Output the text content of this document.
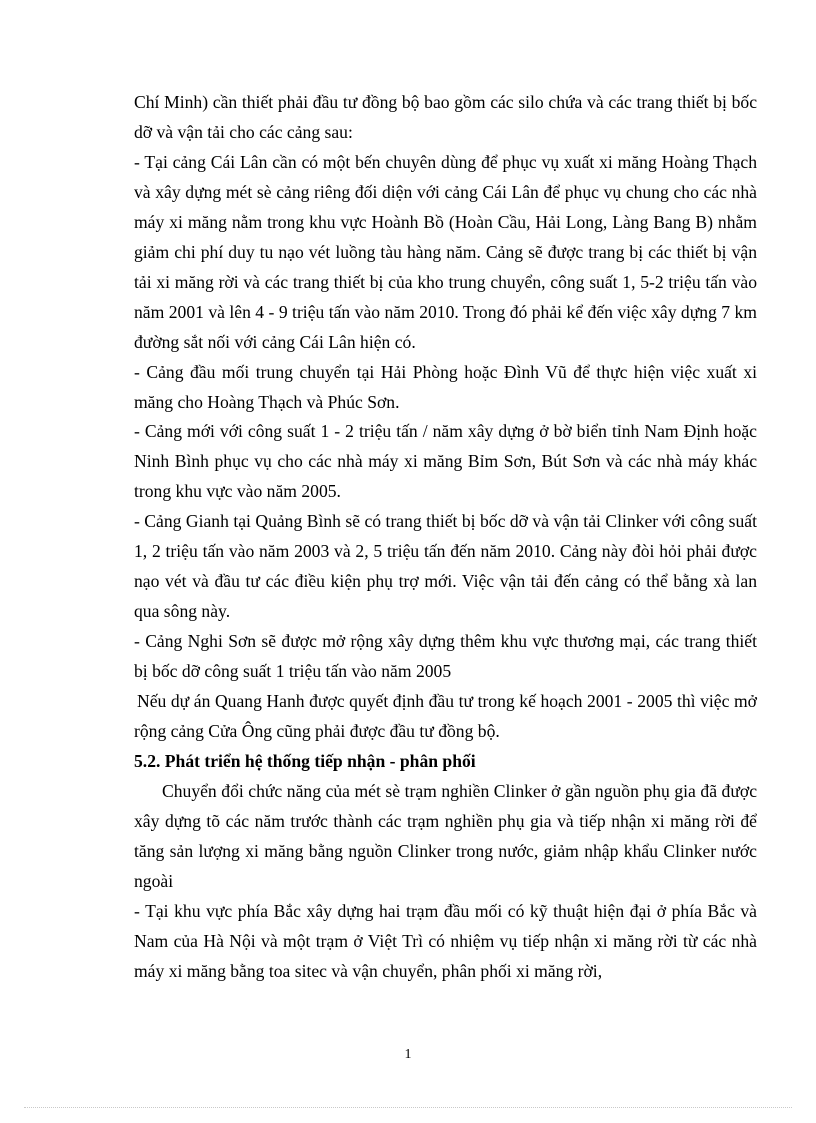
Chí Minh) cần thiết phải đầu tư đồng bộ bao gồm các silo chứa và các trang thiết bị bốc dỡ và vận tải cho các cảng sau:

- Tại cảng Cái Lân cần có một bến chuyên dùng để phục vụ xuất xi măng Hoàng Thạch và xây dựng mét sè cảng riêng đối diện với cảng Cái Lân để phục vụ chung cho các nhà máy xi măng nằm trong khu vực Hoành Bồ (Hoàn Cầu, Hải Long, Làng Bang B) nhằm giảm chi phí duy tu nạo vét luồng tàu hàng năm. Cảng sẽ được trang bị các thiết bị vận tải xi măng rời và các trang thiết bị của kho trung chuyển, công suất 1, 5-2 triệu tấn vào năm 2001 và lên 4 - 9 triệu tấn vào năm 2010. Trong đó phải kể đến việc xây dựng 7 km đường sắt nối với cảng Cái Lân hiện có.

- Cảng đầu mối trung chuyển tại Hải Phòng hoặc Đình Vũ để thực hiện việc xuất xi măng cho Hoàng Thạch và Phúc Sơn.

- Cảng mới với công suất 1 - 2 triệu tấn / năm xây dựng ở bờ biển tỉnh Nam Định hoặc Ninh Bình phục vụ cho các nhà máy xi măng Bỉm Sơn, Bút Sơn và các nhà máy khác trong khu vực vào năm 2005.

- Cảng Gianh tại Quảng Bình sẽ có trang thiết bị bốc dỡ và vận tải Clinker với công suất 1, 2 triệu tấn vào năm 2003 và 2, 5 triệu tấn đến năm 2010. Cảng này đòi hỏi phải được nạo vét và đầu tư các điều kiện phụ trợ mới. Việc vận tải đến cảng có thể bằng xà lan qua sông này.

- Cảng Nghi Sơn sẽ được mở rộng xây dựng thêm khu vực thương mại, các trang thiết bị bốc dỡ công suất 1 triệu tấn vào năm 2005

Nếu dự án Quang Hanh được quyết định đầu tư trong kế hoạch 2001 - 2005 thì việc mở rộng cảng Cửa Ông cũng phải được đầu tư đồng bộ.

5.2. Phát triển hệ thống tiếp nhận - phân phối

Chuyển đổi chức năng của mét sè trạm nghiền Clinker ở gần nguồn phụ gia đã được xây dựng tõ các năm trước thành các trạm nghiền phụ gia và tiếp nhận xi măng rời để tăng sản lượng xi măng bằng nguồn Clinker trong nước, giảm nhập khẩu Clinker nước ngoài

- Tại khu vực phía Bắc xây dựng hai trạm đầu mối có kỹ thuật hiện đại ở phía Bắc và Nam của Hà Nội và một trạm ở Việt Trì có nhiệm vụ tiếp nhận xi măng rời từ các nhà máy xi măng bằng toa sitec và vận chuyển, phân phối xi măng rời,

1
